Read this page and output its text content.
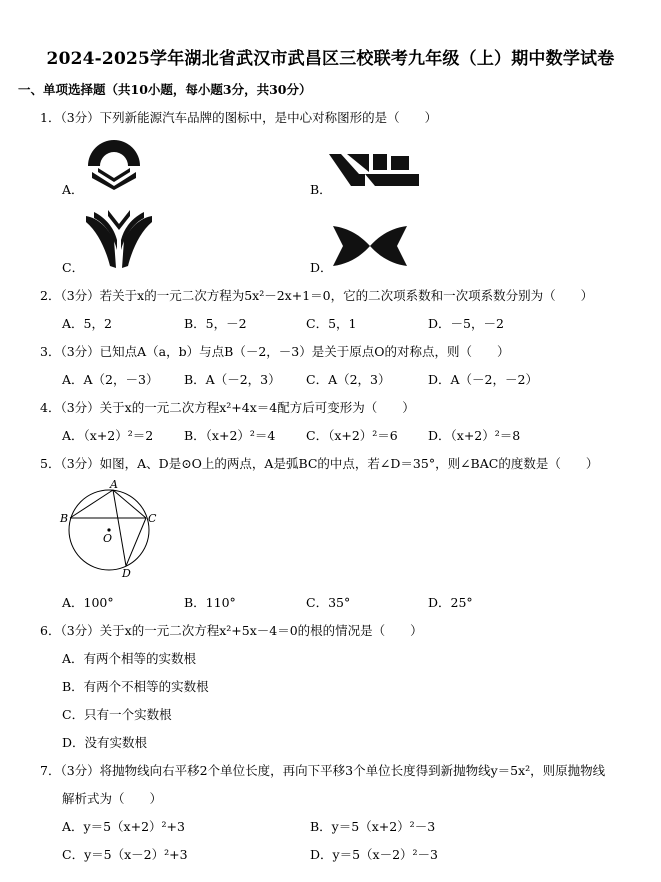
2024-2025学年湖北省武汉市武昌区三校联考九年级（上）期中数学试卷
一、单项选择题（共10小题，每小题3分，共30分）
1．（3分）下列新能源汽车品牌的图标中，是中心对称图形的是（　　）
A．	B．
C．	D．
2．（3分）若关于x的一元二次方程为5x²－2x+1＝0，它的二次项系数和一次项系数分别为（　　）
A．5，2	B．5，－2	C．5，1	D．－5，－2
3．（3分）已知点A（a，b）与点B（－2，－3）是关于原点O的对称点，则（　　）
A．A（2，－3） B．A（－2，3） C．A（2，3）	D．A（－2，－2）
4．（3分）关于x的一元二次方程x²+4x＝4配方后可变形为（　　）
A．（x+2）²＝2 B．（x+2）²＝4 C．（x+2）²＝6 D．（x+2）²＝8
5．（3分）如图，A、D是⊙O上的两点，A是弧BC的中点，若∠D＝35°，则∠BAC的度数是（　　）
A
B	C
D
O
A．100°	B．110°	C．35°	D．25°
6．（3分）关于x的一元二次方程x²+5x－4＝0的根的情况是（　　）
A．有两个相等的实数根
B．有两个不相等的实数根
C．只有一个实数根
D．没有实数根
7．（3分）将抛物线向右平移2个单位长度，再向下平移3个单位长度得到新抛物线y＝5x²，则原抛物线
解析式为（　　）
A．y＝5（x+2）²+3	B．y＝5（x+2）²－3
C．y＝5（x－2）²+3	D．y＝5（x－2）²－3
